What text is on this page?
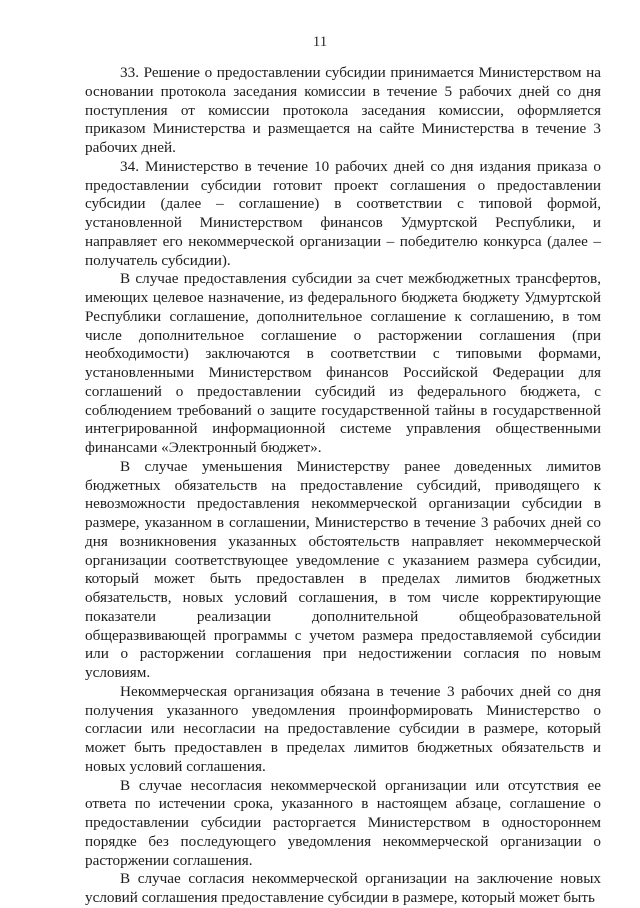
11

33. Решение о предоставлении субсидии принимается Министерством на основании протокола заседания комиссии в течение 5 рабочих дней со дня поступления от комиссии протокола заседания комиссии, оформляется приказом Министерства и размещается на сайте Министерства в течение 3 рабочих дней.

34. Министерство в течение 10 рабочих дней со дня издания приказа о предоставлении субсидии готовит проект соглашения о предоставлении субсидии (далее – соглашение) в соответствии с типовой формой, установленной Министерством финансов Удмуртской Республики, и направляет его некоммерческой организации – победителю конкурса (далее – получатель субсидии).

В случае предоставления субсидии за счет межбюджетных трансфертов, имеющих целевое назначение, из федерального бюджета бюджету Удмуртской Республики соглашение, дополнительное соглашение к соглашению, в том числе дополнительное соглашение о расторжении соглашения (при необходимости) заключаются в соответствии с типовыми формами, установленными Министерством финансов Российской Федерации для соглашений о предоставлении субсидий из федерального бюджета, с соблюдением требований о защите государственной тайны в государственной интегрированной информационной системе управления общественными финансами «Электронный бюджет».

В случае уменьшения Министерству ранее доведенных лимитов бюджетных обязательств на предоставление субсидий, приводящего к невозможности предоставления некоммерческой организации субсидии в размере, указанном в соглашении, Министерство в течение 3 рабочих дней со дня возникновения указанных обстоятельств направляет некоммерческой организации соответствующее уведомление с указанием размера субсидии, который может быть предоставлен в пределах лимитов бюджетных обязательств, новых условий соглашения, в том числе корректирующие показатели реализации дополнительной общеобразовательной общеразвивающей программы с учетом размера предоставляемой субсидии или о расторжении соглашения при недостижении согласия по новым условиям.

Некоммерческая организация обязана в течение 3 рабочих дней со дня получения указанного уведомления проинформировать Министерство о согласии или несогласии на предоставление субсидии в размере, который может быть предоставлен в пределах лимитов бюджетных обязательств и новых условий соглашения.

В случае несогласия некоммерческой организации или отсутствия ее ответа по истечении срока, указанного в настоящем абзаце, соглашение о предоставлении субсидии расторгается Министерством в одностороннем порядке без последующего уведомления некоммерческой организации о расторжении соглашения.

В случае согласия некоммерческой организации на заключение новых условий соглашения предоставление субсидии в размере, который может быть
